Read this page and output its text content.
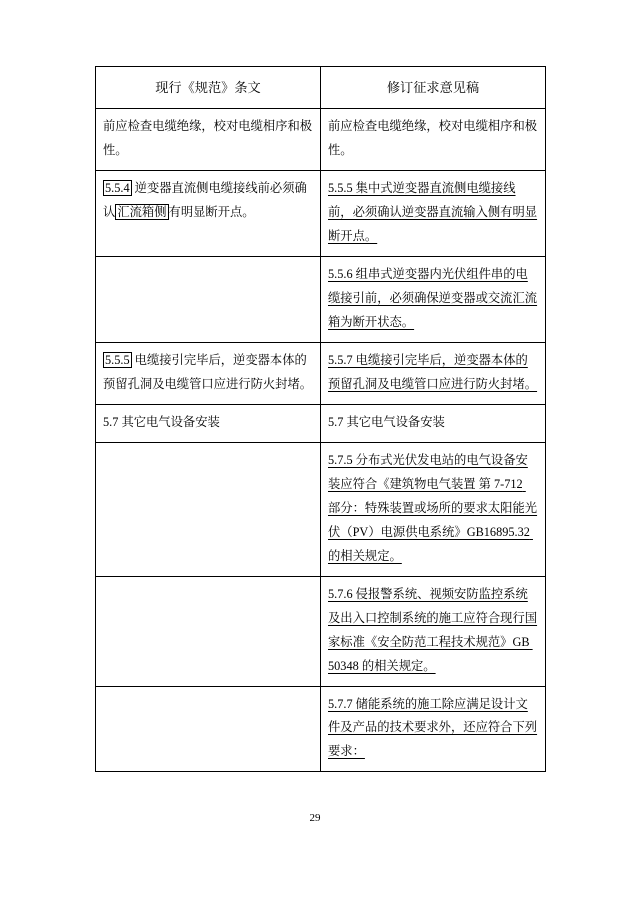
现行《规范》条文	修订征求意见稿

前应检查电缆绝缘，校对电缆相序和极性。	前应检查电缆绝缘，校对电缆相序和极性。

5.5.4 逆变器直流侧电缆接线前必须确认 汇流箱侧 有明显断开点。	5.5.5 集中式逆变器直流侧电缆接线前，必须确认逆变器直流输入侧有明显断开点。

	5.5.6 组串式逆变器内光伏组件串的电缆接引前，必须确保逆变器或交流汇流箱为断开状态。

5.5.5 电缆接引完毕后，逆变器本体的预留孔洞及电缆管口应进行防火封堵。	5.5.7 电缆接引完毕后，逆变器本体的预留孔洞及电缆管口应进行防火封堵。

5.7 其它电气设备安装	5.7 其它电气设备安装

	5.7.5 分布式光伏发电站的电气设备安装应符合《建筑物电气装置 第 7-712 部分：特殊装置或场所的要求太阳能光伏（PV）电源供电系统》GB16895.32 的相关规定。

	5.7.6 侵报警系统、视频安防监控系统及出入口控制系统的施工应符合现行国家标准《安全防范工程技术规范》GB 50348 的相关规定。

	5.7.7 储能系统的施工除应满足设计文件及产品的技术要求外，还应符合下列要求：
29
